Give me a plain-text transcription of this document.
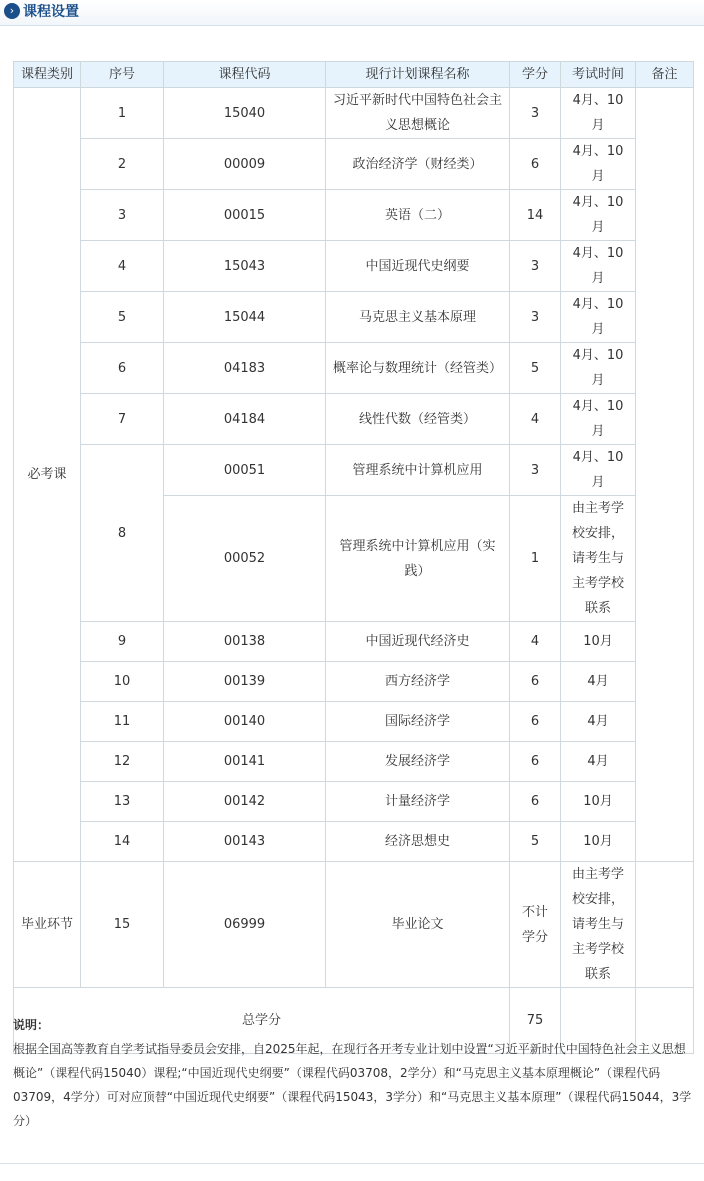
› 课程设置
课程类别	序号	课程代码	现行计划课程名称	学分	考试时间	备注
必考课	1	15040	习近平新时代中国特色社会主义思想概论	3	4月、10月	
	2	00009	政治经济学（财经类）	6	4月、10月	
	3	00015	英语（二）	14	4月、10月	
	4	15043	中国近现代史纲要	3	4月、10月	
	5	15044	马克思主义基本原理	3	4月、10月	
	6	04183	概率论与数理统计（经管类）	5	4月、10月	
	7	04184	线性代数（经管类）	4	4月、10月	
	8	00051	管理系统中计算机应用	3	4月、10月	
		00052	管理系统中计算机应用（实践）	1	由主考学校安排，请考生与主考学校联系	
	9	00138	中国近现代经济史	4	10月	
	10	00139	西方经济学	6	4月	
	11	00140	国际经济学	6	4月	
	12	00141	发展经济学	6	4月	
	13	00142	计量经济学	6	10月	
	14	00143	经济思想史	5	10月	
毕业环节	15	06999	毕业论文	不计学分	由主考学校安排，请考生与主考学校联系	
总学分				75		
说明：
根据全国高等教育自学考试指导委员会安排，自2025年起，在现行各开考专业计划中设置“习近平新时代中国特色社会主义思想概论”（课程代码15040）课程;“中国近现代史纲要”（课程代码03708，2学分）和“马克思主义基本原理概论”（课程代码03709，4学分）可对应顶替“中国近现代史纲要”（课程代码15043，3学分）和“马克思主义基本原理”（课程代码15044，3学分）
